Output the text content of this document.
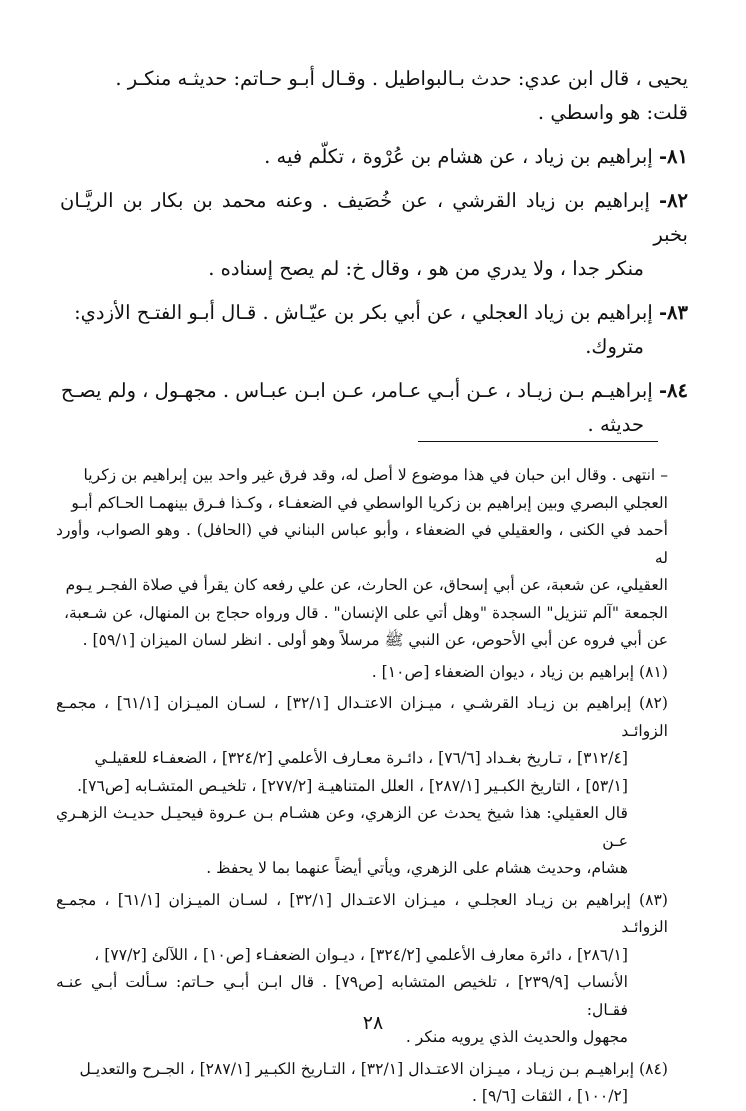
يحيى ، قال ابن عدي: حدث بـالبواطيل . وقـال أبـو حـاتم: حديثـه منكـر .

قلت: هو واسطي .

٨١- إبراهيم بن زياد ، عن هشام بن عُرْوة ، تكلّم فيه .

٨٢- إبراهيم بن زياد القرشي ، عن خُصَيف . وعنه محمد بن بكار بن الريَّـان بخبر

منكر جدا ، ولا يدري من هو ، وقال خ: لم يصح إسناده .

٨٣- إبراهيم بن زياد العجلي ، عن أبي بكر بن عيّـاش . قـال أبـو الفتـح الأزدي:

متروك.

٨٤- إبراهيـم بـن زيـاد ، عـن أبـي عـامر، عـن ابـن عبـاس . مجهـول ، ولم يصـح

حديثه .

– انتهى . وقال ابن حبان في هذا موضوع لا أصل له، وقد فرق غير واحد بين إبراهيم بن زكريا

العجلي البصري وبين إبراهيم بن زكريا الواسطي في الضعفـاء ، وكـذا فـرق بينهمـا الحـاكم أبـو

أحمد في الكنى ، والعقيلي في الضعفاء ، وأبو عباس البناني في (الحافل) . وهو الصواب، وأورد له

العقيلي، عن شعبة، عن أبي إسحاق، عن الحارث، عن علي رفعه كان يقرأ في صلاة الفجـر يـوم

الجمعة "آلم تنزيل" السجدة "وهل أتي على الإنسان" . قال ورواه حجاج بن المنهال، عن شـعبة،

عن أبي فروه عن أبي الأحوص، عن النبي ﷺ مرسلاً وهو أولى . انظر لسان الميزان [٥٩/١] .

(٨١) إبراهيم بن زياد ، ديوان الضعفاء [ص١٠] .

(٨٢) إبراهيم بن زيـاد القرشـي ، ميـزان الاعتـدال [٣٢/١] ، لسـان الميـزان [٦١/١] ، مجمـع الزوائـد

[٣١٢/٤] ، تـاريخ بغـداد [٧٦/٦] ، دائـرة معـارف الأعلمي [٣٢٤/٢] ، الضعفـاء للعقيلـي

[٥٣/١] ، التاريخ الكبـير [٢٨٧/١] ، العلل المتناهيـة [٢٧٧/٢] ، تلخيـص المتشـابه [ص٧٦].

قال العقيلي: هذا شيخ يحدث عن الزهري، وعن هشـام بـن عـروة فيحيـل حديـث الزهـري عـن

هشام، وحديث هشام على الزهري، ويأتي أيضاً عنهما بما لا يحفظ .

(٨٣) إبراهيم بن زيـاد العجلـي ، ميـزان الاعتـدال [٣٢/١] ، لسـان الميـزان [٦١/١] ، مجمـع الزوائـد

[٢٨٦/١] ، دائرة معارف الأعلمي [٣٢٤/٢] ، ديـوان الضعفـاء [ص١٠] ، اللآلئ [٧٧/٢] ،

الأنساب [٢٣٩/٩] ، تلخيص المتشابه [ص٧٩] . قال ابـن أبـي حـاتم: سـألت أبـي عنـه فقـال:

مجهول والحديث الذي يرويه منكر .

(٨٤) إبراهيـم بـن زيـاد ، ميـزان الاعتـدال [٣٢/١] ، التـاريخ الكبـير [٢٨٧/١] ، الجـرح والتعديـل

[١٠٠/٢] ، الثقات [٩/٦] .

٢٨
